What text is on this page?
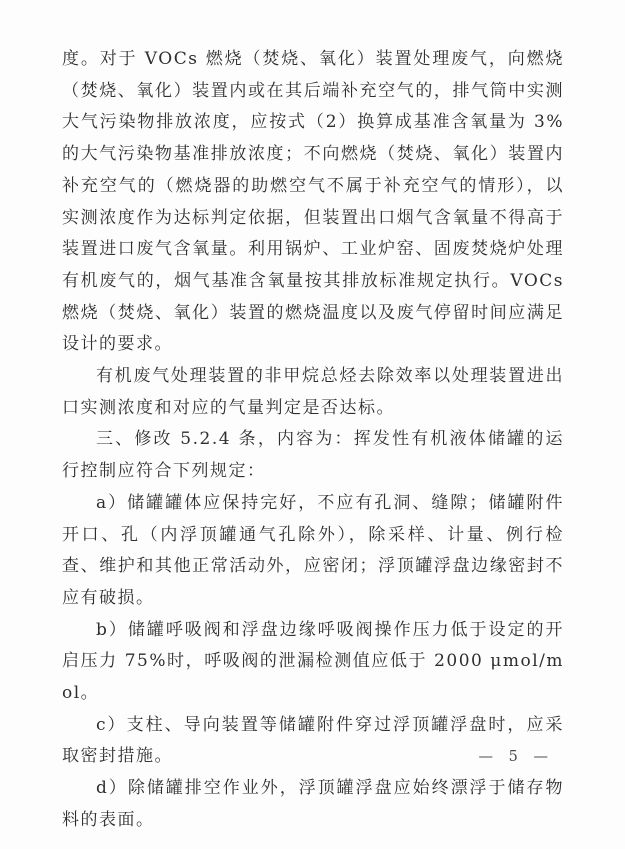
度。对于 VOCs 燃烧（焚烧、氧化）装置处理废气，向燃烧（焚烧、氧化）装置内或在其后端补充空气的，排气筒中实测大气污染物排放浓度，应按式（2）换算成基准含氧量为 3%的大气污染物基准排放浓度；不向燃烧（焚烧、氧化）装置内补充空气的（燃烧器的助燃空气不属于补充空气的情形），以实测浓度作为达标判定依据，但装置出口烟气含氧量不得高于装置进口废气含氧量。利用锅炉、工业炉窑、固废焚烧炉处理有机废气的，烟气基准含氧量按其排放标准规定执行。VOCs 燃烧（焚烧、氧化）装置的燃烧温度以及废气停留时间应满足设计的要求。

有机废气处理装置的非甲烷总烃去除效率以处理装置进出口实测浓度和对应的气量判定是否达标。

三、修改 5.2.4 条，内容为：挥发性有机液体储罐的运行控制应符合下列规定：

a）储罐罐体应保持完好，不应有孔洞、缝隙；储罐附件开口、孔（内浮顶罐通气孔除外），除采样、计量、例行检查、维护和其他正常活动外，应密闭；浮顶罐浮盘边缘密封不应有破损。

b）储罐呼吸阀和浮盘边缘呼吸阀操作压力低于设定的开启压力 75%时，呼吸阀的泄漏检测值应低于 2000 μmol/mol。

c）支柱、导向装置等储罐附件穿过浮顶罐浮盘时，应采取密封措施。

d）除储罐排空作业外，浮顶罐浮盘应始终漂浮于储存物料的表面。

— 5 —
